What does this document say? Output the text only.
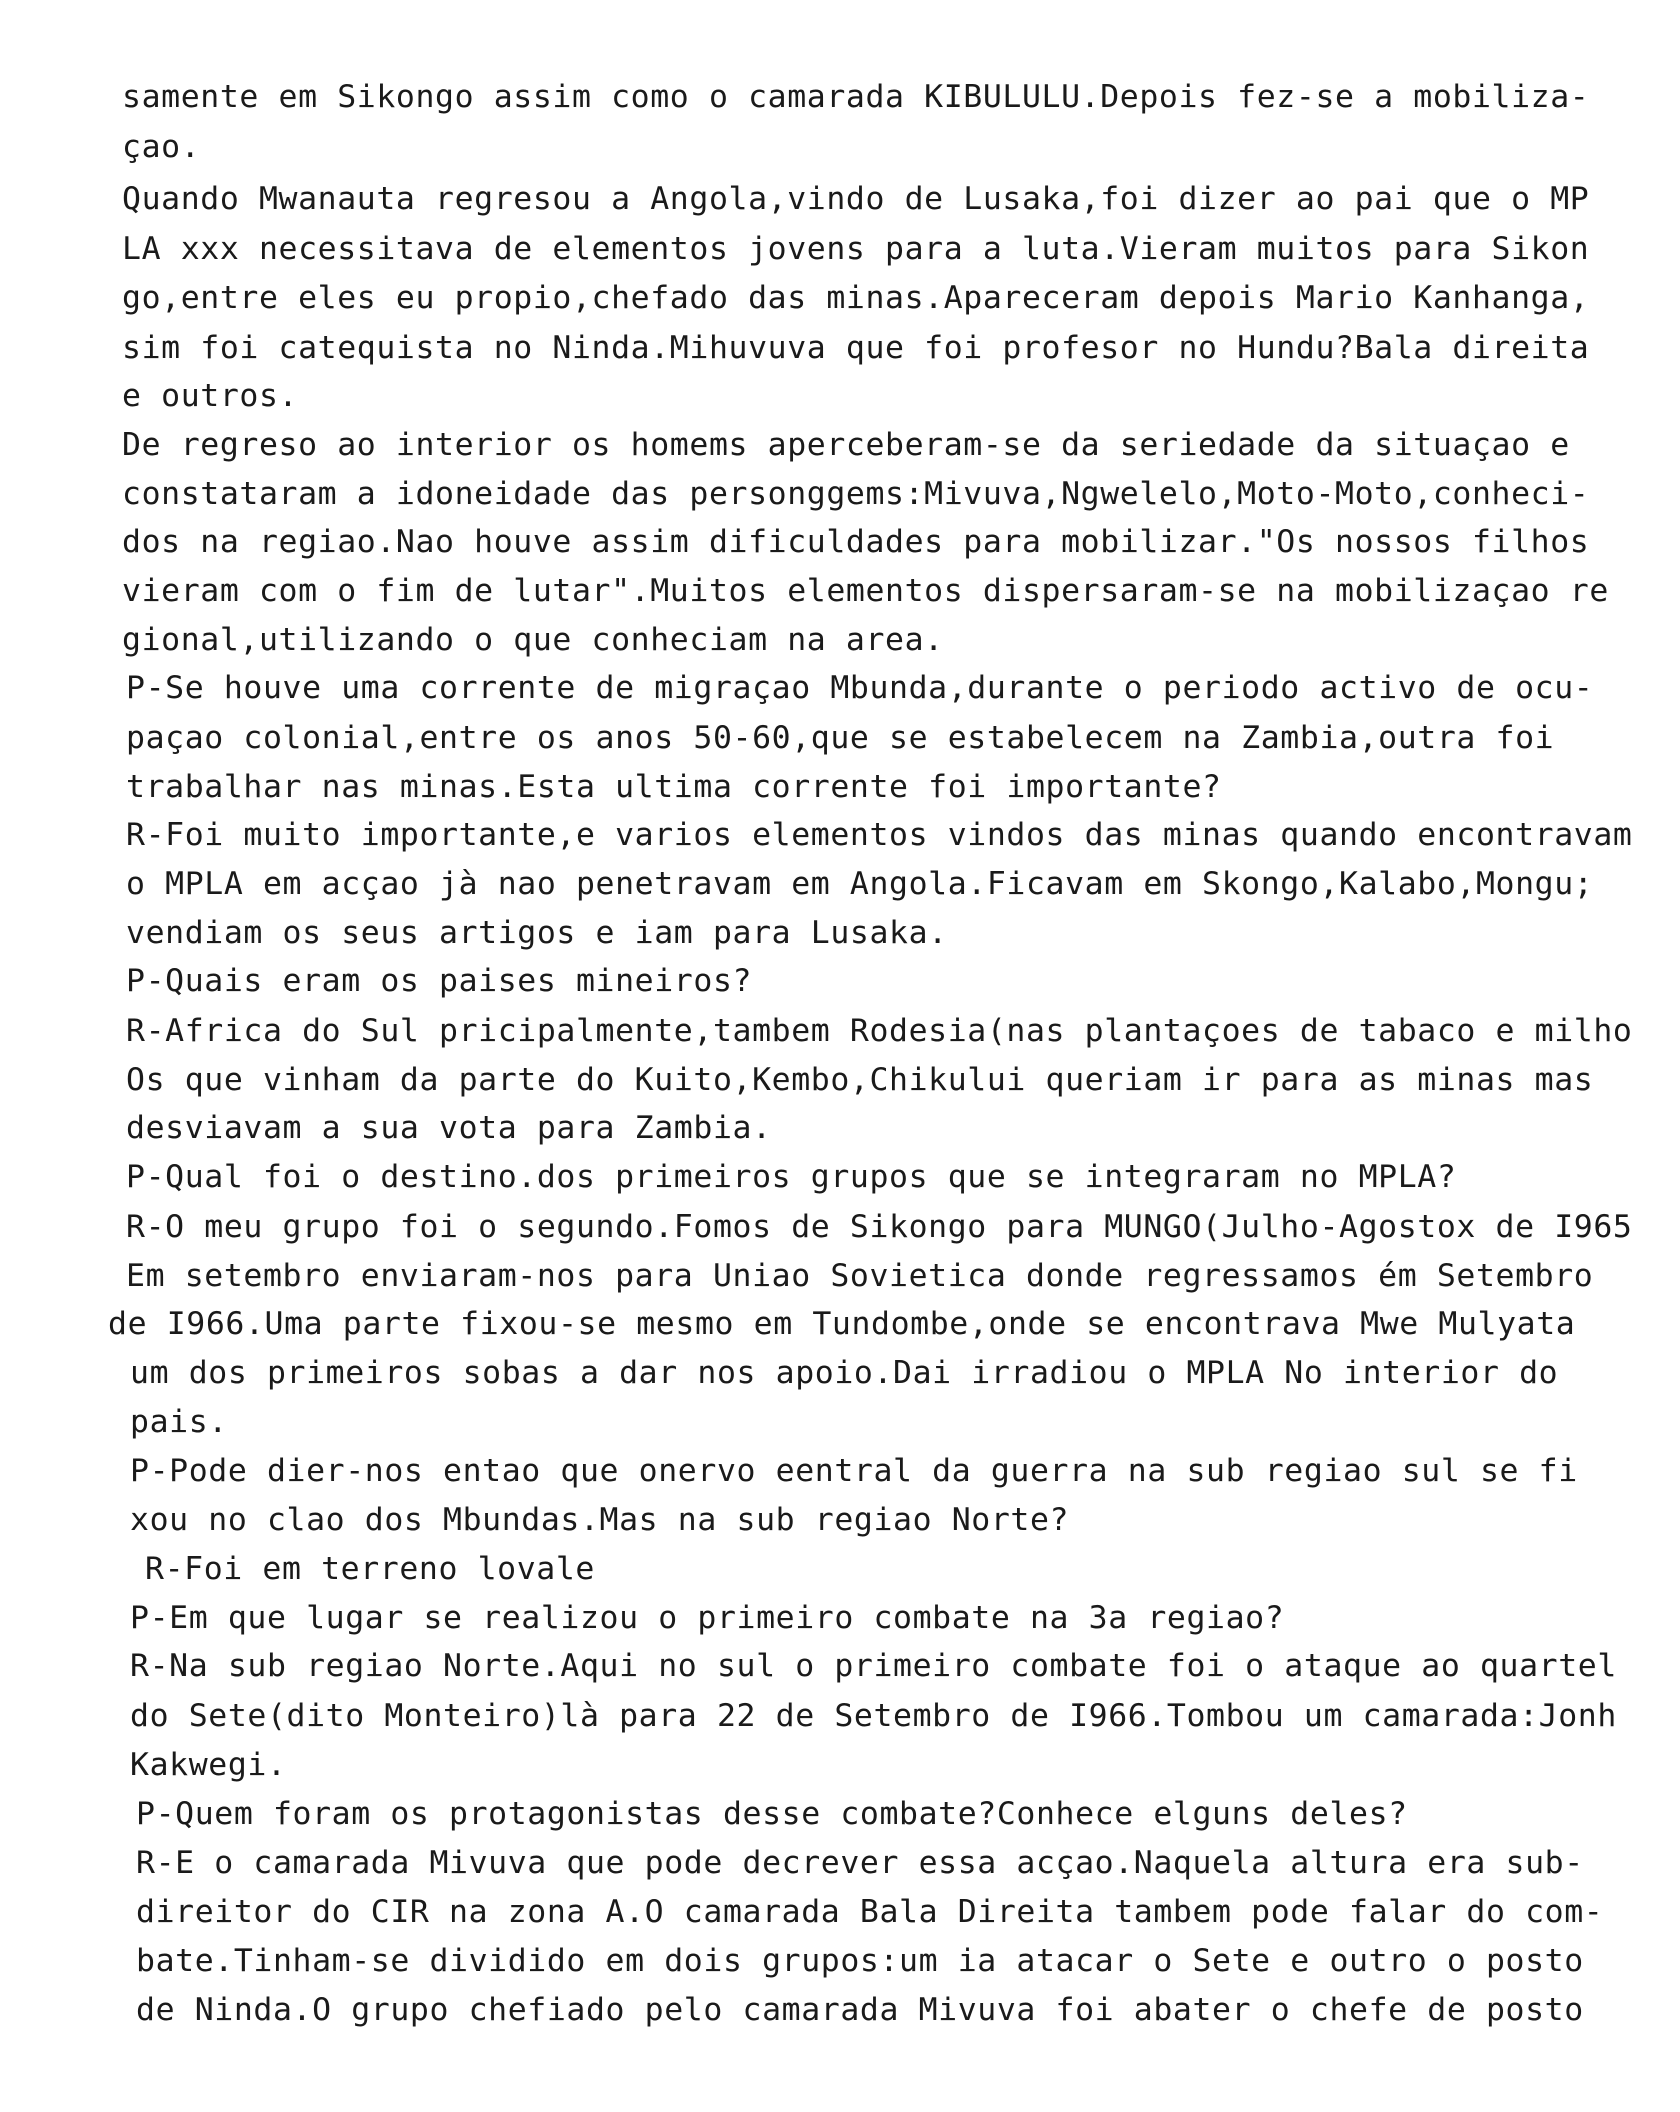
samente em Sikongo assim como o camarada KIBULULU.Depois fez-se a mobiliza-
çao.
Quando Mwanauta regresou a Angola,vindo de Lusaka,foi dizer ao pai que o MP
LA xxx necessitava de elementos jovens para a luta.Vieram muitos para Sikon
go,entre eles eu propio,chefado das minas.Apareceram depois Mario Kanhanga,
sim foi catequista no Ninda.Mihuvuva que foi profesor no Hundu?Bala direita
e outros.
De regreso ao interior os homems aperceberam-se da seriedade da situaçao e
constataram a idoneidade das personggems:Mivuva,Ngwelelo,Moto-Moto,conheci-
dos na regiao.Nao houve assim dificuldades para mobilizar."Os nossos filhos
vieram com o fim de lutar".Muitos elementos dispersaram-se na mobilizaçao re
gional,utilizando o que conheciam na area.
P-Se houve uma corrente de migraçao Mbunda,durante o periodo activo de ocu-
paçao colonial,entre os anos 50-60,que se estabelecem na Zambia,outra foi
trabalhar nas minas.Esta ultima corrente foi importante?
R-Foi muito importante,e varios elementos vindos das minas quando encontravam
o MPLA em acçao jà nao penetravam em Angola.Ficavam em Skongo,Kalabo,Mongu;
vendiam os seus artigos e iam para Lusaka.
P-Quais eram os paises mineiros?
R-Africa do Sul pricipalmente,tambem Rodesia(nas plantaçoes de tabaco e milho
Os que vinham da parte do Kuito,Kembo,Chikului queriam ir para as minas mas
desviavam a sua vota para Zambia.
P-Qual foi o destino.dos primeiros grupos que se integraram no MPLA?
R-O meu grupo foi o segundo.Fomos de Sikongo para MUNGO(Julho-Agostox de I965
Em setembro enviaram-nos para Uniao Sovietica donde regressamos ém Setembro
de I966.Uma parte fixou-se mesmo em Tundombe,onde se encontrava Mwe Mulyata
um dos primeiros sobas a dar nos apoio.Dai irradiou o MPLA No interior do
pais.
P-Pode dier-nos entao que onervo eentral da guerra na sub regiao sul se fi
xou no clao dos Mbundas.Mas na sub regiao Norte?
R-Foi em terreno lovale
P-Em que lugar se realizou o primeiro combate na 3a regiao?
R-Na sub regiao Norte.Aqui no sul o primeiro combate foi o ataque ao quartel
do Sete(dito Monteiro)là para 22 de Setembro de I966.Tombou um camarada:Jonh
Kakwegi.
P-Quem foram os protagonistas desse combate?Conhece elguns deles?
R-E o camarada Mivuva que pode decrever essa acçao.Naquela altura era sub-
direitor do CIR na zona A.O camarada Bala Direita tambem pode falar do com-
bate.Tinham-se dividido em dois grupos:um ia atacar o Sete e outro o posto
de Ninda.O grupo chefiado pelo camarada Mivuva foi abater o chefe de posto
